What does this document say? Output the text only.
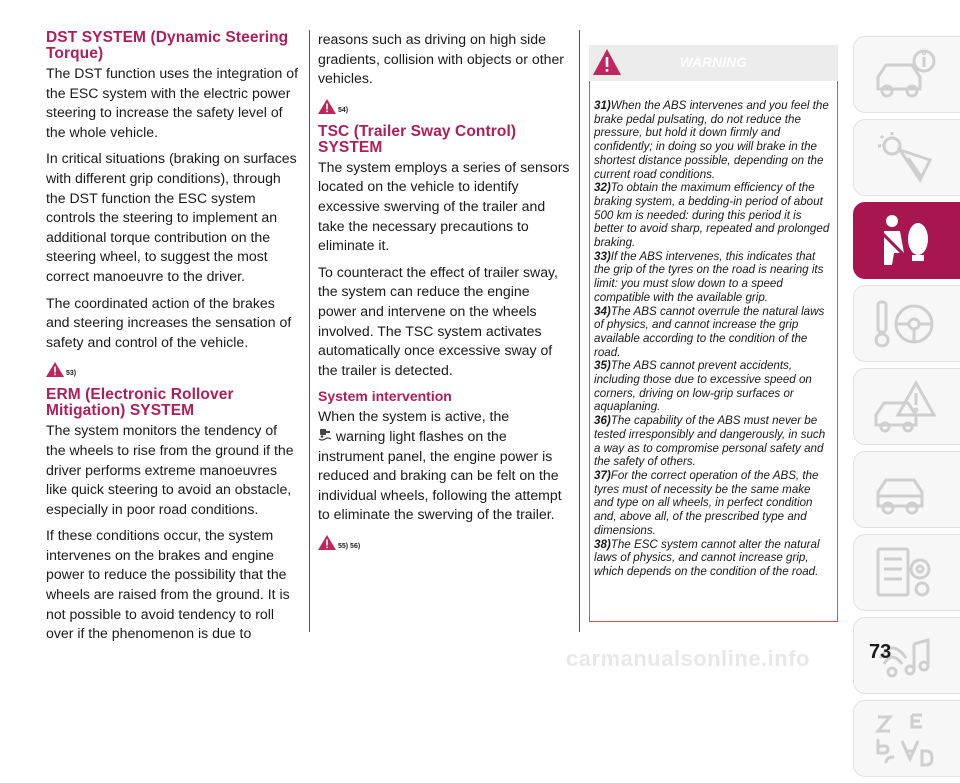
DST SYSTEM (Dynamic Steering Torque)

The DST function uses the integration of the ESC system with the electric power steering to increase the safety level of the whole vehicle.

In critical situations (braking on surfaces with different grip conditions), through the DST function the ESC system controls the steering to implement an additional torque contribution on the steering wheel, to suggest the most correct manoeuvre to the driver.

The coordinated action of the brakes and steering increases the sensation of safety and control of the vehicle.

53)
ERM (Electronic Rollover Mitigation) SYSTEM

The system monitors the tendency of the wheels to rise from the ground if the driver performs extreme manoeuvres like quick steering to avoid an obstacle, especially in poor road conditions.

If these conditions occur, the system intervenes on the brakes and engine power to reduce the possibility that the wheels are raised from the ground. It is not possible to avoid tendency to roll over if the phenomenon is due to

reasons such as driving on high side gradients, collision with objects or other vehicles.

54)
TSC (Trailer Sway Control) SYSTEM

The system employs a series of sensors located on the vehicle to identify excessive swerving of the trailer and take the necessary precautions to eliminate it.

To counteract the effect of trailer sway, the system can reduce the engine power and intervene on the wheels involved. The TSC system activates automatically once excessive sway of the trailer is detected.

System intervention

When the system is active, the
warning light flashes on the instrument panel, the engine power is reduced and braking can be felt on the individual wheels, following the attempt to eliminate the swerving of the trailer.

55) 56)
WARNING

31)When the ABS intervenes and you feel the brake pedal pulsating, do not reduce the pressure, but hold it down firmly and confidently; in doing so you will brake in the shortest distance possible, depending on the current road conditions.

32)To obtain the maximum efficiency of the braking system, a bedding-in period of about 500 km is needed: during this period it is better to avoid sharp, repeated and prolonged braking.

33)If the ABS intervenes, this indicates that the grip of the tyres on the road is nearing its limit: you must slow down to a speed compatible with the available grip.

34)The ABS cannot overrule the natural laws of physics, and cannot increase the grip available according to the condition of the road.

35)The ABS cannot prevent accidents, including those due to excessive speed on corners, driving on low-grip surfaces or aquaplaning.

36)The capability of the ABS must never be tested irresponsibly and dangerously, in such a way as to compromise personal safety and the safety of others.

37)For the correct operation of the ABS, the tyres must of necessity be the same make and type on all wheels, in perfect condition and, above all, of the prescribed type and dimensions.

38)The ESC system cannot alter the natural laws of physics, and cannot increase grip, which depends on the condition of the road.

carmanualsonline.info	73
